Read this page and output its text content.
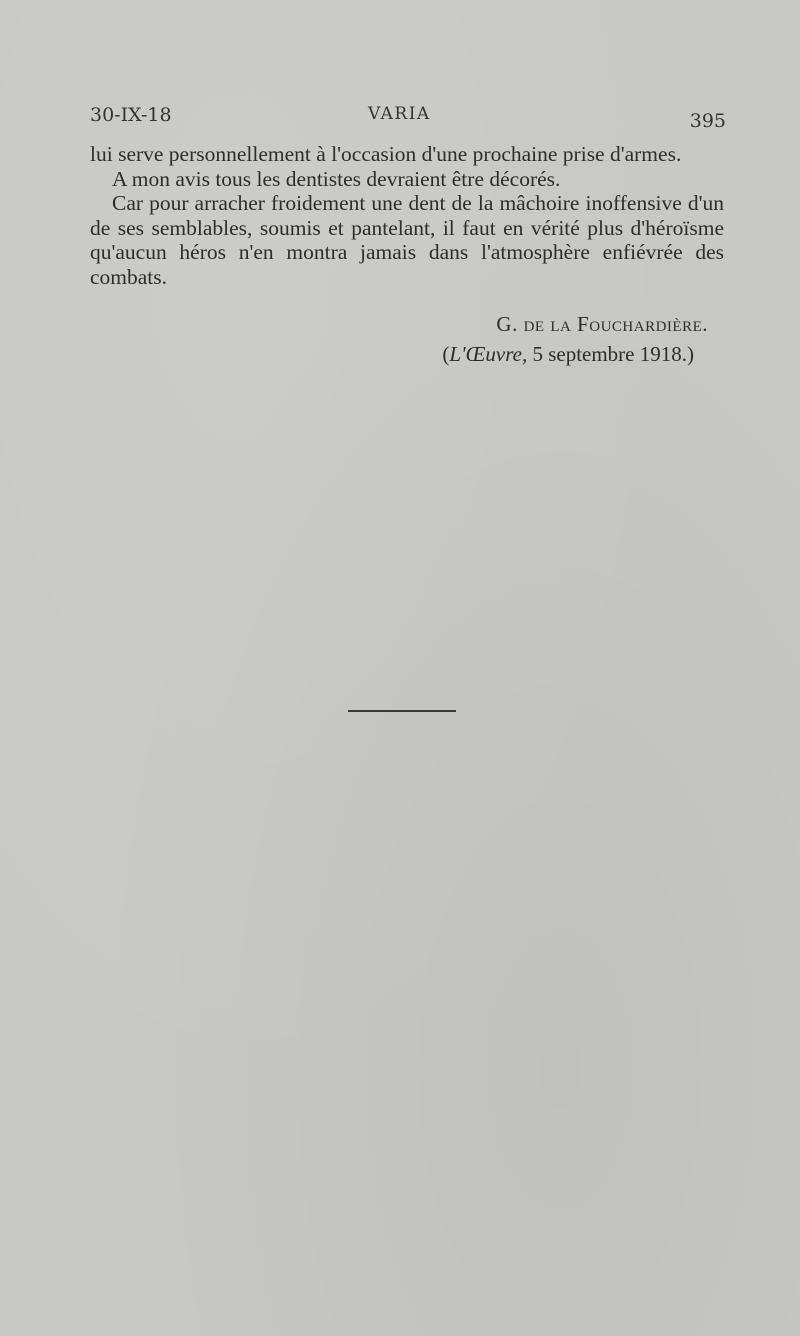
30-IX-18	VARIA	395

lui serve personnellement à l'occasion d'une prochaine prise d'armes.

A mon avis tous les dentistes devraient être décorés.

Car pour arracher froidement une dent de la mâchoire inoffensive d'un de ses semblables, soumis et pantelant, il faut en vérité plus d'héroïsme qu'aucun héros n'en montra jamais dans l'atmosphère enfiévrée des combats.

G. de la Fouchardière.
(L'Œuvre, 5 septembre 1918.)
